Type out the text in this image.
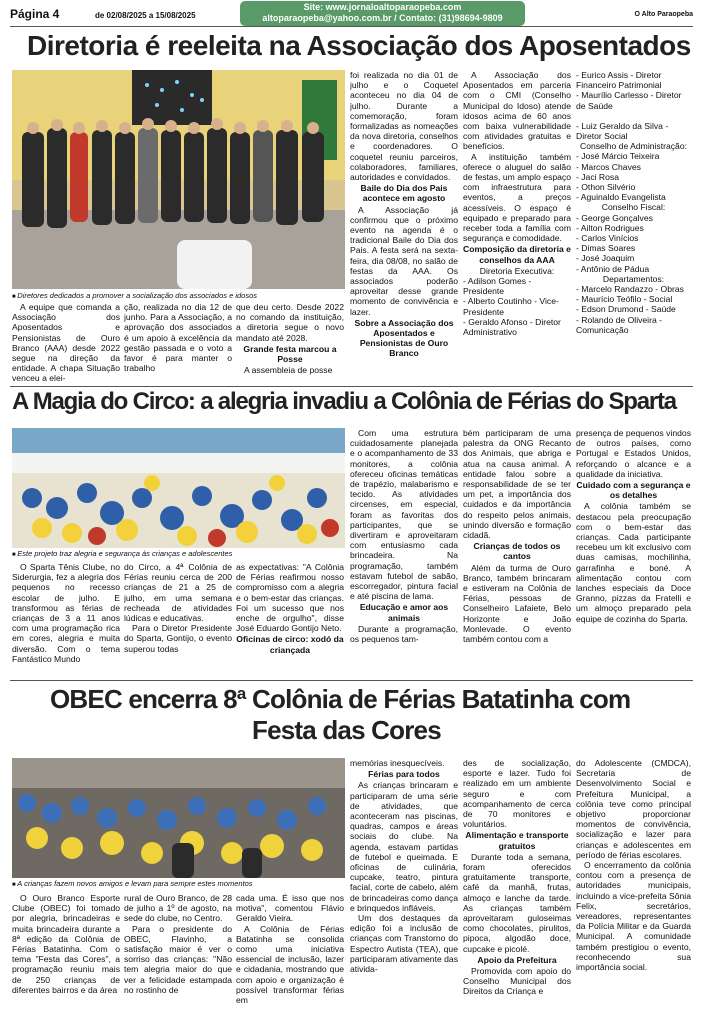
Página 4	de 02/08/2025 a 15/08/2025
Site: www.jornaloaltoparaopeba.com
altoparaopeba@yahoo.com.br / Contato: (31)98694-9809	O Alto Paraopeba
Diretoria é reeleita na Associação dos Aposentados
■ Diretores dedicados a promover a socialização dos associados e idosos

A equipe que comanda a Associação dos Aposentados e Pensionistas de Ouro Branco (AAA) desde 2022 segue na direção da entidade. A chapa Situação venceu a elei-

ção, realizada no dia 12 de junho. Para a Associação, a aprovação dos associados é um apoio à excelência da gestão passada e o voto a favor é para manter o trabalho

que deu certo. Desde 2022 no comando da instituição, a diretoria segue o novo mandato até 2028.

Grande festa marcou a Posse

A assembleia de posse

foi realizada no dia 01 de julho e o Coquetel aconteceu no dia 04 de julho. Durante a comemoração, foram formalizadas as nomeações da nova diretoria, conselhos e coordenadores. O coquetel reuniu parceiros, colaboradores, familiares, autoridades e convidados.

Baile do Dia dos Pais acontece em agosto

A Associação já confirmou que o próximo evento na agenda é o tradicional Baile do Dia dos Pais. A festa será na sexta-feira, dia 08/08, no salão de festas da AAA. Os associados poderão aproveitar desse grande momento de convivência e lazer.

Sobre a Associação dos Aposentados e Pensionistas de Ouro Branco

A Associação dos Aposentados em parceria com o CMI (Conselho Municipal do Idoso) atende idosos acima de 60 anos com baixa vulnerabilidade com atividades gratuitas e benefícios.

A instituição também oferece o aluguel do salão de festas, um amplo espaço com infraestrutura para eventos, a preços acessíveis. O espaço é equipado e preparado para receber toda a família com segurança e comodidade.

Composição da diretoria e conselhos da AAA
Diretoria Executiva:
- Adilson Gomes - Presidente
- Alberto Coutinho - Vice-Presidente
- Geraldo Afonso - Diretor Administrativo
- Eurico Assis - Diretor Financeiro Patrimonial
- Maurílio Carlesso - Diretor de Saúde
- Luiz Geraldo da Silva - Diretor Social
Conselho de Administração:
- José Márcio Teixeira
- Marcos Chaves
- Jaci Rosa
- Othon Silvério
- Aguinaldo Evangelista
Conselho Fiscal:
- George Gonçalves
- Ailton Rodrigues
- Carlos Vinícios
- Dimas Soares
- José Joaquim
- Antônio de Pádua
Departamentos:
- Marcelo Randazzo - Obras
- Maurício Teófilo - Social
- Edson Drumond - Saúde
- Rolando de Oliveira - Comunicação
A Magia do Circo: a alegria invadiu a Colônia de Férias do Sparta
■ Este projeto traz alegria e segurança às crianças e adolescentes

O Sparta Tênis Clube, no Siderurgia, fez a alegria dos pequenos no recesso escolar de julho. E transformou as férias de crianças de 3 a 11 anos com uma programação rica em cores, alegria e muita diversão. Com o tema Fantástico Mundo

do Circo, a 4ª Colônia de Férias reuniu cerca de 200 crianças de 21 a 25 de julho, em uma semana recheada de atividades lúdicas e educativas.

Para o Diretor Presidente do Sparta, Gontijo, o evento superou todas

as expectativas: "A Colônia de Férias reafirmou nosso compromisso com a alegria e o bem-estar das crianças. Foi um sucesso que nos enche de orgulho", disse José Eduardo Gontijo Neto.

Oficinas de circo: xodó da criançada

Com uma estrutura cuidadosamente planejada e o acompanhamento de 33 monitores, a colônia ofereceu oficinas temáticas de trapézio, malabarismo e tecido. As atividades circenses, em especial, foram as favoritas dos participantes, que se divertiram e aproveitaram com entusiasmo cada brincadeira. Na programação, também estavam futebol de sabão, escorregador, pintura facial e até piscina de lama.

Educação e amor aos animais

Durante a programação, os pequenos tam-

bém participaram de uma palestra da ONG Recanto dos Animais, que abriga e atua na causa animal. A entidade falou sobre a responsabilidade de se ter um pet, a importância dos cuidados e da importância do respeito pelos animais, unindo diversão e formação cidadã.

Crianças de todos os cantos

Além da turma de Ouro Branco, também brincaram e estiveram na Colônia de Férias, pessoas de Conselheiro Lafaiete, Belo Horizonte e João Monlevade. O evento também contou com a

presença de pequenos vindos de outros países, como Portugal e Estados Unidos, reforçando o alcance e a qualidade da iniciativa.

Cuidado com a segurança e os detalhes

A colônia também se destacou pela preocupação com o bem-estar das crianças. Cada participante recebeu um kit exclusivo com duas camisas, mochilinha, garrafinha e boné. A alimentação contou com lanches especiais da Doce Granno, pizzas da Fratelli e um almoço preparado pela equipe de cozinha do Sparta.

OBEC encerra 8ª Colônia de Férias Batatinha com
Festa das Cores
■ A crianças fazem novos amigos e levam para sempre estes momentos

O Ouro Branco Esporte Clube (OBEC) foi tomado por alegria, brincadeiras e muita brincadeira durante a 8ª edição da Colônia de Férias Batatinha. Com o tema "Festa das Cores", a programação reuniu mais de 250 crianças de diferentes bairros e da área

rural de Ouro Branco, de 28 de julho a 1º de agosto, na sede do clube, no Centro.

Para o presidente do OBEC, Flavinho, a satisfação maior é ver o sorriso das crianças: "Não tem alegria maior do que ver a felicidade estampada no rostinho de

cada uma. É isso que nos motiva", comentou Flávio Geraldo Vieira.

A Colônia de Férias Batatinha se consolida como uma iniciativa essencial de inclusão, lazer e cidadania, mostrando que com apoio e organização é possível transformar férias em

memórias inesquecíveis.

Férias para todos

As crianças brincaram e participaram de uma série de atividades, que aconteceram nas piscinas, quadras, campos e áreas sociais do clube. Na agenda, estavam partidas de futebol e queimada. E oficinas de culinária, cupcake, teatro, pintura facial, corte de cabelo, além de brincadeiras como dança e brinquedos infláveis.

Um dos destaques da edição foi a inclusão de crianças com Transtorno do Espectro Autista (TEA), que participaram ativamente das ativida-

des de socialização, esporte e lazer. Tudo foi realizado em um ambiente seguro e com acompanhamento de cerca de 70 monitores e voluntários.

Alimentação e transporte gratuitos

Durante toda a semana, foram oferecidos gratuitamente transporte, café da manhã, frutas, almoço e lanche da tarde. As crianças também aproveitaram guloseimas como chocolates, pirulitos, pipoca, algodão doce, cupcake e picolé.

Apoio da Prefeitura

Promovida com apoio do Conselho Municipal dos Direitos da Criança e

do Adolescente (CMDCA), Secretaria de Desenvolvimento Social e Prefeitura Municipal, a colônia teve como principal objetivo proporcionar momentos de convivência, socialização e lazer para crianças e adolescentes em período de férias escolares.

O encerramento da colônia contou com a presença de autoridades municipais, incluindo a vice-prefeita Sônia Felix, secretários, vereadores, representantes da Polícia Militar e da Guarda Municipal. A comunidade também prestigiou o evento, reconhecendo sua importância social.
